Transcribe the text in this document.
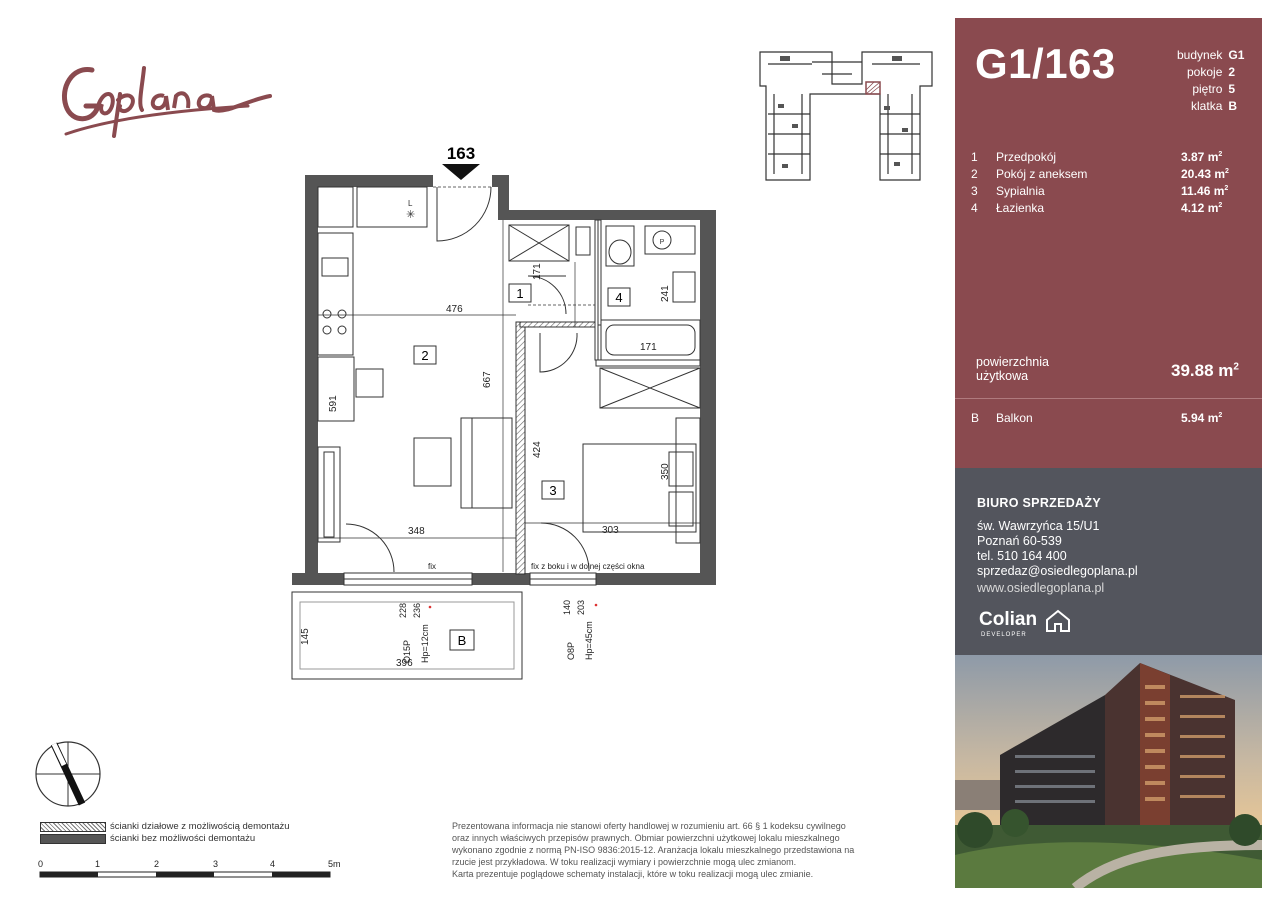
Goplana
163
1
2
3
4
B
476
667
591
348
424
303
350
171
171
241
145
396
228 236	140 203
fix	fix z boku i w dolnej części okna
O15P Hp=12cm	O8P Hp=45cm
L
✳
P
ścianki działowe z możliwością demontażu
ścianki bez możliwości demontażu
0	1	2	3	4	5m

Prezentowana informacja nie stanowi oferty handlowej w rozumieniu art. 66 § 1 kodeksu cywilnego

oraz innych właściwych przepisów prawnych. Obmiar powierzchni użytkowej lokalu mieszkalnego

wykonano zgodnie z normą PN-ISO 9836:2015-12. Aranżacja lokalu mieszkalnego przedstawiona na

rzucie jest przykładowa. W toku realizacji wymiary i powierzchnie mogą ulec zmianom.

Karta prezentuje poglądowe schematy instalacji, które w toku realizacji mogą ulec zmianie.

G1/163	budynek G1
pokoje 2
piętro 5
klatka B
1	Przedpokój	3.87 $m^2$
2	Pokój z aneksem	20.43 $m^2$
3	Sypialnia	11.46 $m^2$
4	Łazienka	4.12 $m^2$
powierzchnia
użytkowa	39.88 $m^2$
B	Balkon	5.94 $m^2$
BIURO SPRZEDAŻY
św. Wawrzyńca 15/U1
Poznań 60-539
tel. 510 164 400
sprzedaz@osiedlegoplana.pl
www.osiedlegoplana.pl
Colian
DEVELOPER
